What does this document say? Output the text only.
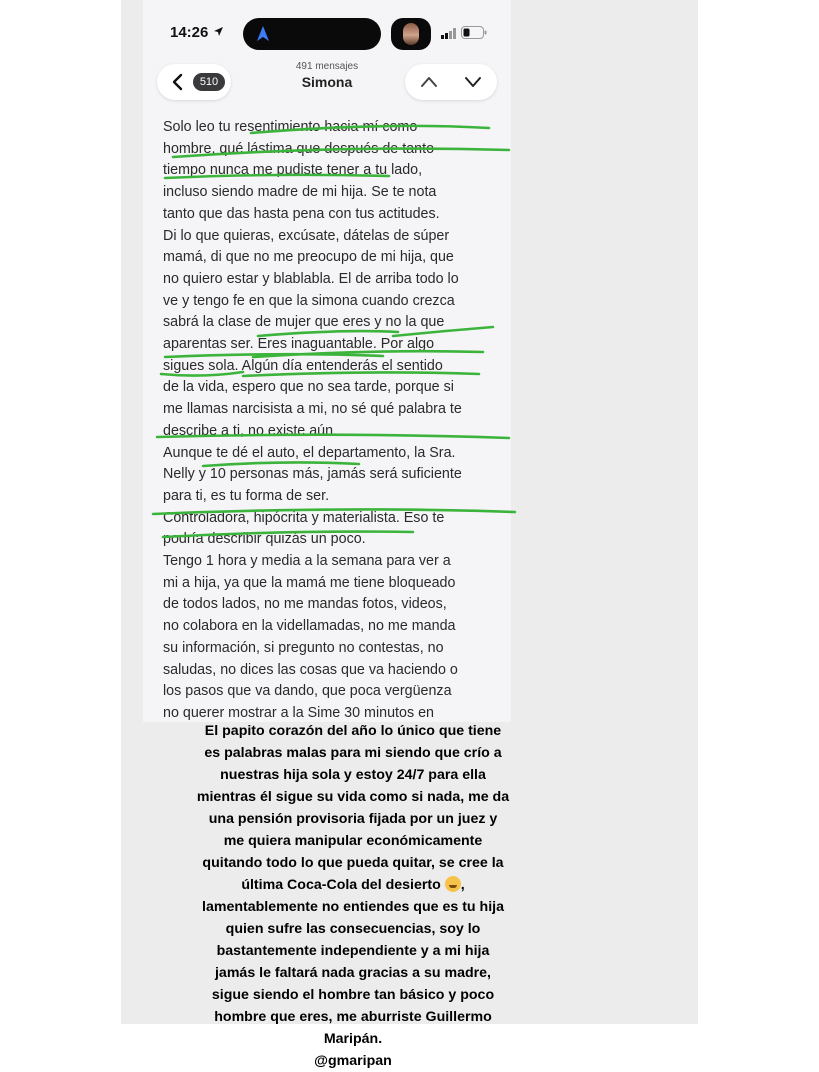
14:26
510
491 mensajes
Simona
Solo leo tu resentimiento hacia mí como
hombre, qué lástima que después de tanto
tiempo nunca me pudiste tener a tu lado,
incluso siendo madre de mi hija. Se te nota
tanto que das hasta pena con tus actitudes.
Di lo que quieras, excúsate, dátelas de súper
mamá, di que no me preocupo de mi hija, que
no quiero estar y blablabla. El de arriba todo lo
ve y tengo fe en que la simona cuando crezca
sabrá la clase de mujer que eres y no la que
aparentas ser. Eres inaguantable. Por algo
sigues sola. Algún día entenderás el sentido
de la vida, espero que no sea tarde, porque si
me llamas narcisista a mi, no sé qué palabra te
describe a ti, no existe aún.
Aunque te dé el auto, el departamento, la Sra.
Nelly y 10 personas más, jamás será suficiente
para ti, es tu forma de ser.
Controladora, hipócrita y materialista. Eso te
podría describir quizás un poco.
Tengo 1 hora y media a la semana para ver a
mi a hija, ya que la mamá me tiene bloqueado
de todos lados, no me mandas fotos, videos,
no colabora en la videllamadas, no me manda
su información, si pregunto no contestas, no
saludas, no dices las cosas que va haciendo o
los pasos que va dando, que poca vergüenza
no querer mostrar a la Sime 30 minutos en
El papito corazón del año lo único que tiene
es palabras malas para mi siendo que crío a
nuestras hija sola y estoy 24/7 para ella
mientras él sigue su vida como si nada, me da
una pensión provisoria fijada por un juez y
me quiera manipular económicamente
quitando todo lo que pueda quitar, se cree la
última Coca-Cola del desierto ,
lamentablemente no entiendes que es tu hija
quien sufre las consecuencias, soy lo
bastantemente independiente y a mi hija
jamás le faltará nada gracias a su madre,
sigue siendo el hombre tan básico y poco
hombre que eres, me aburriste Guillermo
Maripán.
@gmaripan
